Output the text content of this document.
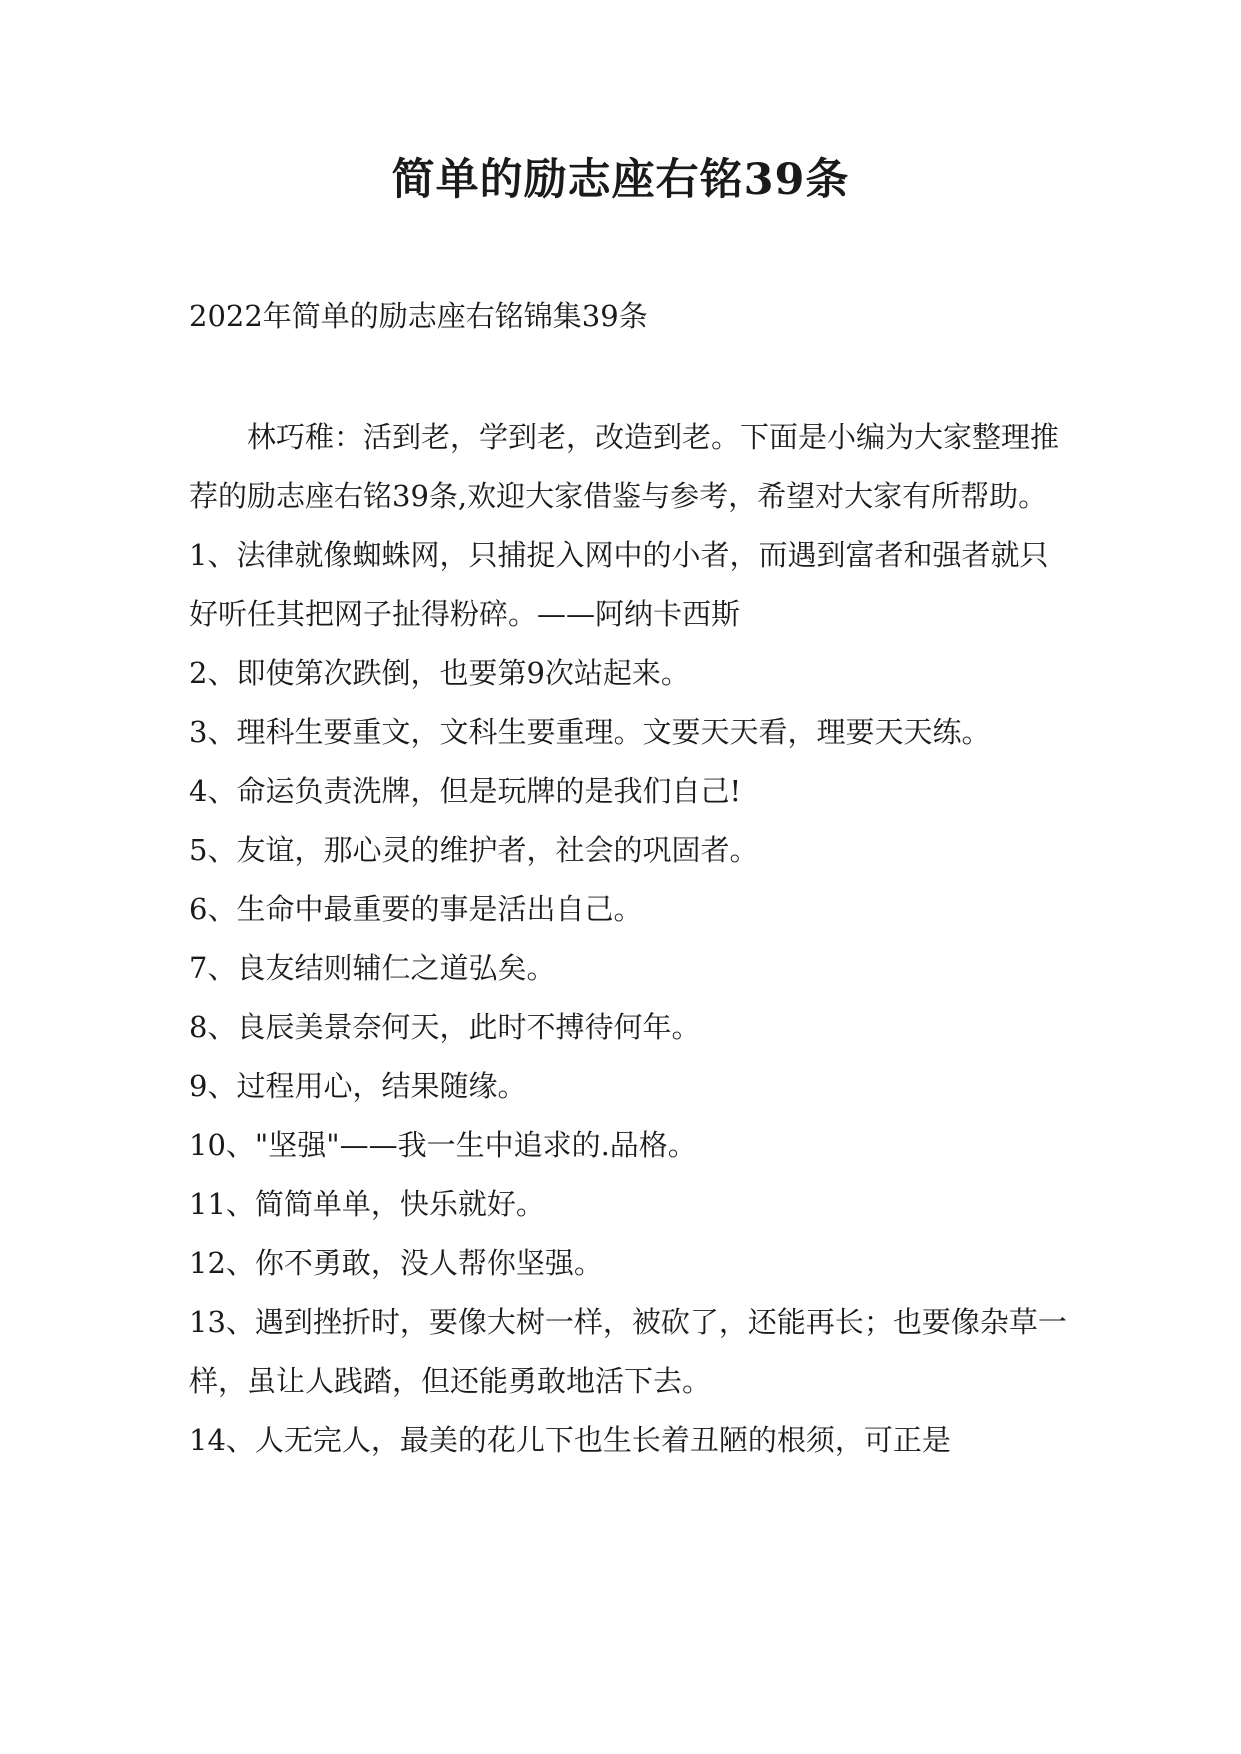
简单的励志座右铭39条
2022年简单的励志座右铭锦集39条

林巧稚：活到老，学到老，改造到老。下面是小编为大家整理推荐的励志座右铭39条,欢迎大家借鉴与参考，希望对大家有所帮助。

1、法律就像蜘蛛网，只捕捉入网中的小者，而遇到富者和强者就只好听任其把网子扯得粉碎。——阿纳卡西斯

2、即使第次跌倒，也要第9次站起来。

3、理科生要重文，文科生要重理。文要天天看，理要天天练。

4、命运负责洗牌，但是玩牌的是我们自己!

5、友谊，那心灵的维护者，社会的巩固者。

6、生命中最重要的事是活出自己。

7、良友结则辅仁之道弘矣。

8、良辰美景奈何天，此时不搏待何年。

9、过程用心，结果随缘。

10、"坚强"——我一生中追求的.品格。

11、简简单单，快乐就好。

12、你不勇敢，没人帮你坚强。

13、遇到挫折时，要像大树一样，被砍了，还能再长；也要像杂草一样，虽让人践踏，但还能勇敢地活下去。

14、人无完人，最美的花儿下也生长着丑陋的根须，可正是
